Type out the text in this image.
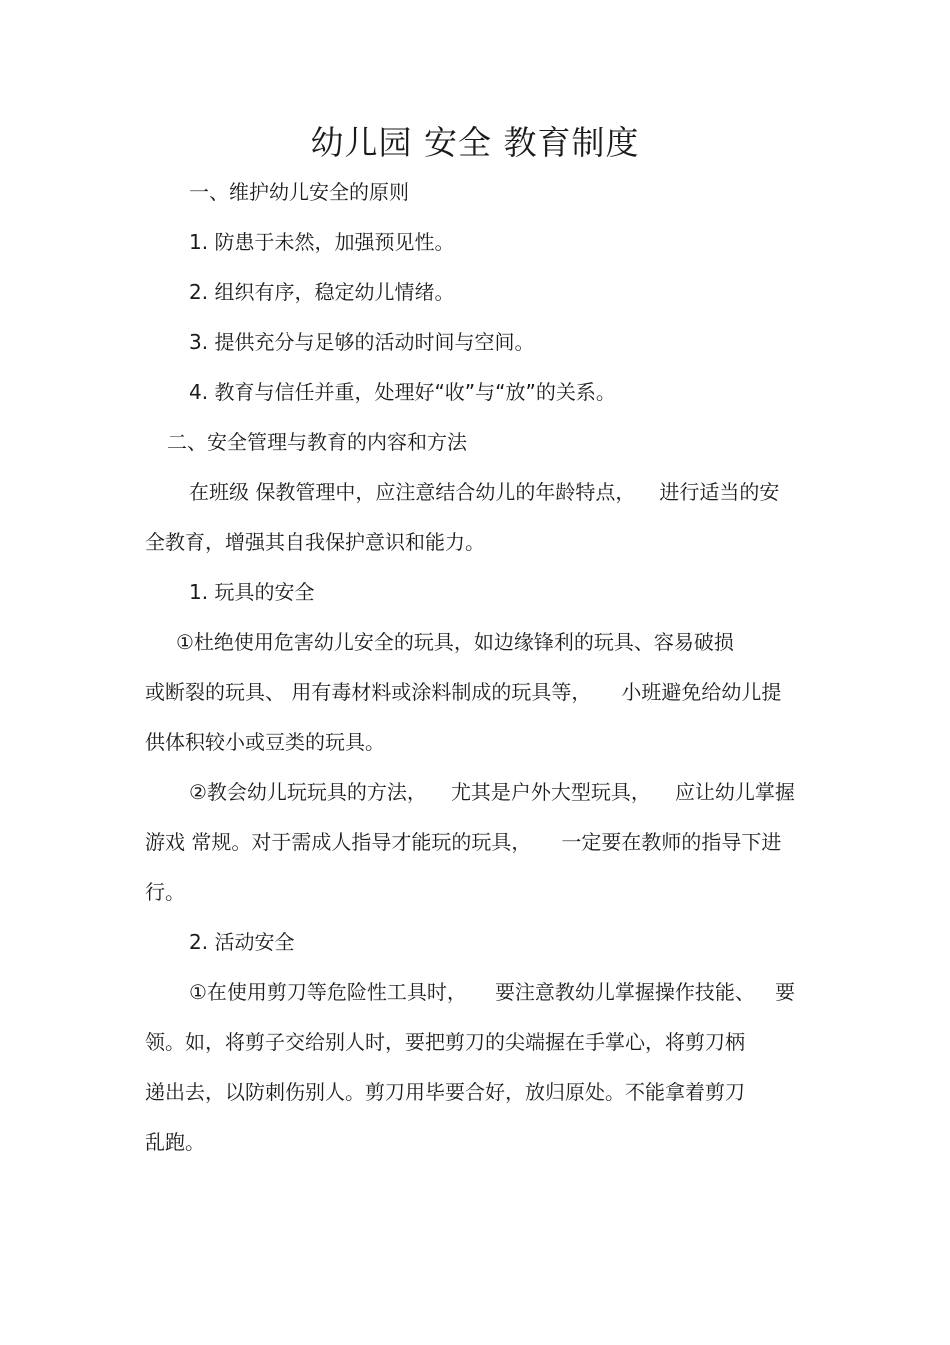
幼儿园 安全 教育制度

一、维护幼儿安全的原则

1. 防患于未然，加强预见性。

2. 组织有序，稳定幼儿情绪。

3. 提供充分与足够的活动时间与空间。

4. 教育与信任并重，处理好“收”与“放”的关系。

二、安全管理与教育的内容和方法

在班级 保教管理中，应注意结合幼儿的年龄特点， 进行适当的安

全教育，增强其自我保护意识和能力。

1. 玩具的安全

①杜绝使用危害幼儿安全的玩具，如边缘锋利的玩具、容易破损

或断裂的玩具、 用有毒材料或涂料制成的玩具等， 小班避免给幼儿提

供体积较小或豆类的玩具。

②教会幼儿玩玩具的方法， 尤其是户外大型玩具， 应让幼儿掌握

游戏 常规。对于需成人指导才能玩的玩具， 一定要在教师的指导下进

行。

2. 活动安全

①在使用剪刀等危险性工具时， 要注意教幼儿掌握操作技能、 要

领。如，将剪子交给别人时，要把剪刀的尖端握在手掌心，将剪刀柄

递出去，以防刺伤别人。剪刀用毕要合好，放归原处。不能拿着剪刀

乱跑。
